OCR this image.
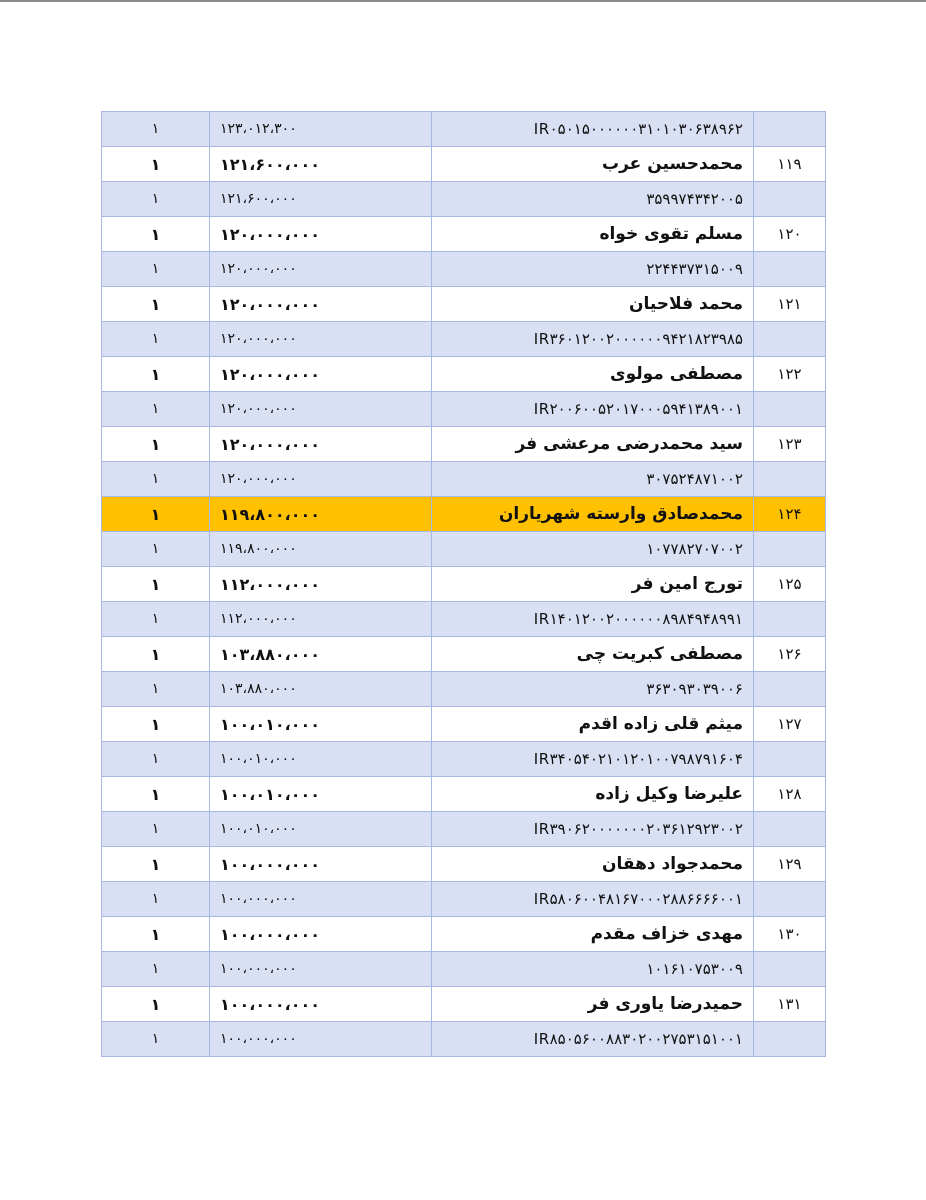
	IR۰۵۰۱۵۰۰۰۰۰۰۳۱۰۱۰۳۰۶۳۸۹۶۲	۱۲۳،۰۱۲،۳۰۰	۱
۱۱۹	محمدحسین عرب	۱۲۱،۶۰۰،۰۰۰	۱
	۳۵۹۹۷۴۳۴۲۰۰۵	۱۲۱،۶۰۰،۰۰۰	۱
۱۲۰	مسلم تقوی خواه	۱۲۰،۰۰۰،۰۰۰	۱
	۲۲۴۴۳۷۳۱۵۰۰۹	۱۲۰،۰۰۰،۰۰۰	۱
۱۲۱	محمد فلاحیان	۱۲۰،۰۰۰،۰۰۰	۱
	IR۳۶۰۱۲۰۰۲۰۰۰۰۰۰۹۴۲۱۸۲۳۹۸۵	۱۲۰،۰۰۰،۰۰۰	۱
۱۲۲	مصطفی مولوی	۱۲۰،۰۰۰،۰۰۰	۱
	IR۲۰۰۶۰۰۵۲۰۱۷۰۰۰۵۹۴۱۳۸۹۰۰۱	۱۲۰،۰۰۰،۰۰۰	۱
۱۲۳	سید محمدرضی مرعشی فر	۱۲۰،۰۰۰،۰۰۰	۱
	۳۰۷۵۲۴۸۷۱۰۰۲	۱۲۰،۰۰۰،۰۰۰	۱
۱۲۴	محمدصادق وارسته شهریاران	۱۱۹،۸۰۰،۰۰۰	۱
	۱۰۷۷۸۲۷۰۷۰۰۲	۱۱۹،۸۰۰،۰۰۰	۱
۱۲۵	تورج امین فر	۱۱۲،۰۰۰،۰۰۰	۱
	IR۱۴۰۱۲۰۰۲۰۰۰۰۰۰۸۹۸۴۹۴۸۹۹۱	۱۱۲،۰۰۰،۰۰۰	۱
۱۲۶	مصطفی کبریت چی	۱۰۳،۸۸۰،۰۰۰	۱
	۳۶۳۰۹۳۰۳۹۰۰۶	۱۰۳،۸۸۰،۰۰۰	۱
۱۲۷	میثم قلی زاده اقدم	۱۰۰،۰۱۰،۰۰۰	۱
	IR۳۴۰۵۴۰۲۱۰۱۲۰۱۰۰۷۹۸۷۹۱۶۰۴	۱۰۰،۰۱۰،۰۰۰	۱
۱۲۸	علیرضا وکیل زاده	۱۰۰،۰۱۰،۰۰۰	۱
	IR۳۹۰۶۲۰۰۰۰۰۰۰۲۰۳۶۱۲۹۲۳۰۰۲	۱۰۰،۰۱۰،۰۰۰	۱
۱۲۹	محمدجواد دهقان	۱۰۰،۰۰۰،۰۰۰	۱
	IR۵۸۰۶۰۰۴۸۱۶۷۰۰۰۲۸۸۶۶۶۶۰۰۱	۱۰۰،۰۰۰،۰۰۰	۱
۱۳۰	مهدی خزاف مقدم	۱۰۰،۰۰۰،۰۰۰	۱
	۱۰۱۶۱۰۷۵۳۰۰۹	۱۰۰،۰۰۰،۰۰۰	۱
۱۳۱	حمیدرضا یاوری فر	۱۰۰،۰۰۰،۰۰۰	۱
	IR۸۵۰۵۶۰۰۸۸۳۰۲۰۰۲۷۵۳۱۵۱۰۰۱	۱۰۰،۰۰۰،۰۰۰	۱
